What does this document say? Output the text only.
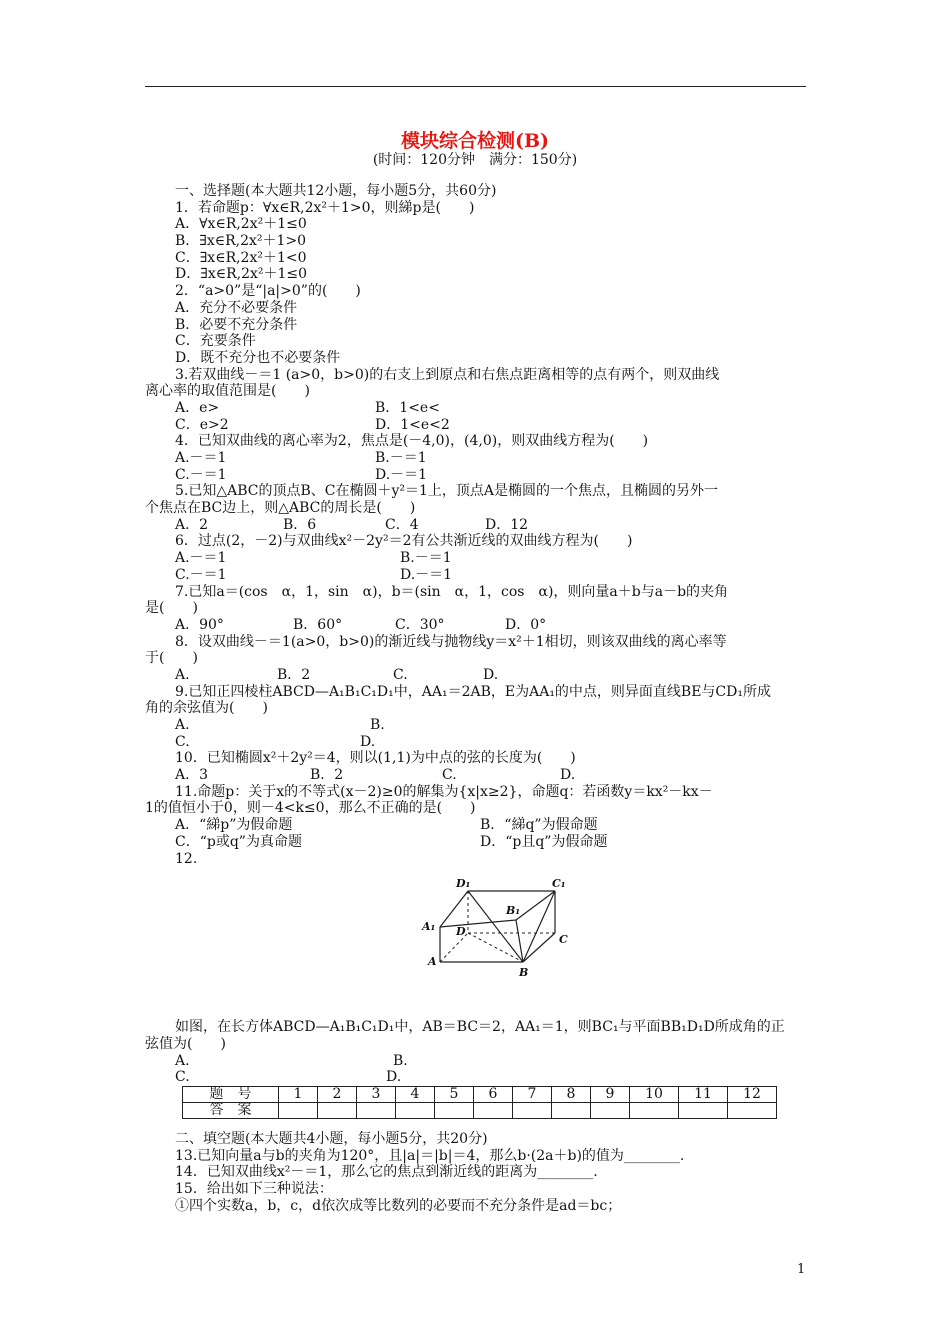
模块综合检测(B)
(时间：120分钟　满分：150分)
一、选择题(本大题共12小题，每小题5分，共60分)
1．若命题p：∀x∈R,2x²＋1>0，则綈p是(　　)
A．∀x∈R,2x²＋1≤0
B．∃x∈R,2x²＋1>0
C．∃x∈R,2x²＋1<0
D．∃x∈R,2x²＋1≤0
2．“a>0”是“|a|>0”的(　　)
A．充分不必要条件
B．必要不充分条件
C．充要条件
D．既不充分也不必要条件
3.若双曲线－＝1 (a>0，b>0)的右支上到原点和右焦点距离相等的点有两个，则双曲线
离心率的取值范围是(　　)
A．e>	B．1<e<
C．e>2	D．1<e<2
4．已知双曲线的离心率为2，焦点是(－4,0)，(4,0)，则双曲线方程为(　　)
A.－＝1	B.－＝1
C.－＝1	D.－＝1
5.已知△ABC的顶点B、C在椭圆＋y²＝1上，顶点A是椭圆的一个焦点，且椭圆的另外一
个焦点在BC边上，则△ABC的周长是(　　)
A．2	B．6	C．4	D．12
6．过点(2，－2)与双曲线x²－2y²＝2有公共渐近线的双曲线方程为(　　)
A.－＝1	B.－＝1
C.－＝1	D.－＝1
7.已知a＝(cos　α，1，sin　α)，b＝(sin　α，1，cos　α)，则向量a＋b与a－b的夹角
是(　　)
A．90°	B．60°	C．30°	D．0°
8．设双曲线－＝1(a>0，b>0)的渐近线与抛物线y＝x²＋1相切，则该双曲线的离心率等
于(　　)
A.	B．2	C.	D.
9.已知正四棱柱ABCD—A₁B₁C₁D₁中，AA₁＝2AB，E为AA₁的中点，则异面直线BE与CD₁所成
角的余弦值为(　　)
A.	B.
C.	D.
10．已知椭圆x²＋2y²＝4，则以(1,1)为中点的弦的长度为(　　)
A．3	B．2	C.	D.
11.命题p：关于x的不等式(x－2)≥0的解集为{x|x≥2}，命题q：若函数y＝kx²－kx－
1的值恒小于0，则－4<k≤0，那么不正确的是(　　)
A．“綈p”为假命题	B．“綈q”为假命题
C．“p或q”为真命题	D．“p且q”为假命题
12.
D₁	C₁
B₁
A₁ D
C
A
B
如图，在长方体ABCD—A₁B₁C₁D₁中，AB＝BC＝2，AA₁＝1，则BC₁与平面BB₁D₁D所成角的正
弦值为(　　)
A.	B.
C.	D.
题　号	1	2	3	4	5	6	7	8	9	10	11	12
答　案												
二、填空题(本大题共4小题，每小题5分，共20分)
13.已知向量a与b的夹角为120°，且|a|＝|b|＝4，那么b·(2a＋b)的值为________.
14．已知双曲线x²－＝1，那么它的焦点到渐近线的距离为________.
15．给出如下三种说法：
①四个实数a，b，c，d依次成等比数列的必要而不充分条件是ad＝bc；
1
